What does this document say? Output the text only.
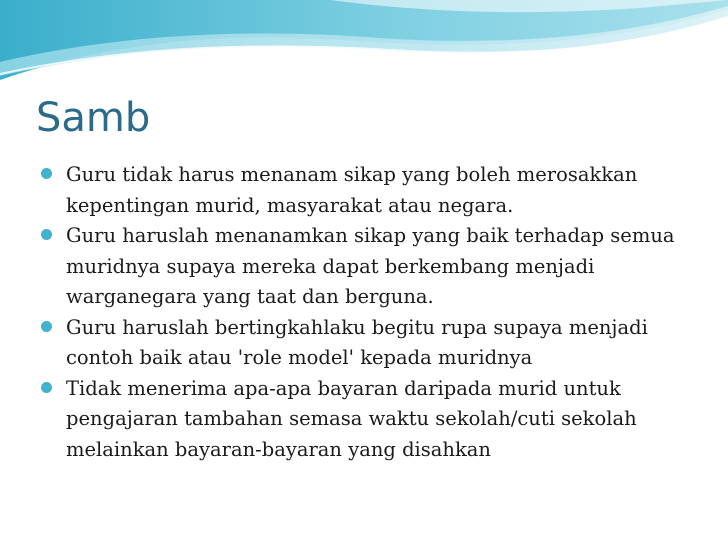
Samb
Guru tidak harus menanam sikap yang boleh merosakkan kepentingan murid, masyarakat atau negara.
Guru haruslah menanamkan sikap yang baik terhadap semua muridnya supaya mereka dapat berkembang menjadi warganegara yang taat dan berguna.
Guru haruslah bertingkahlaku begitu rupa supaya menjadi contoh baik atau 'role model' kepada muridnya
Tidak menerima apa-apa bayaran daripada murid untuk pengajaran tambahan semasa waktu sekolah/cuti sekolah melainkan bayaran-bayaran yang disahkan
